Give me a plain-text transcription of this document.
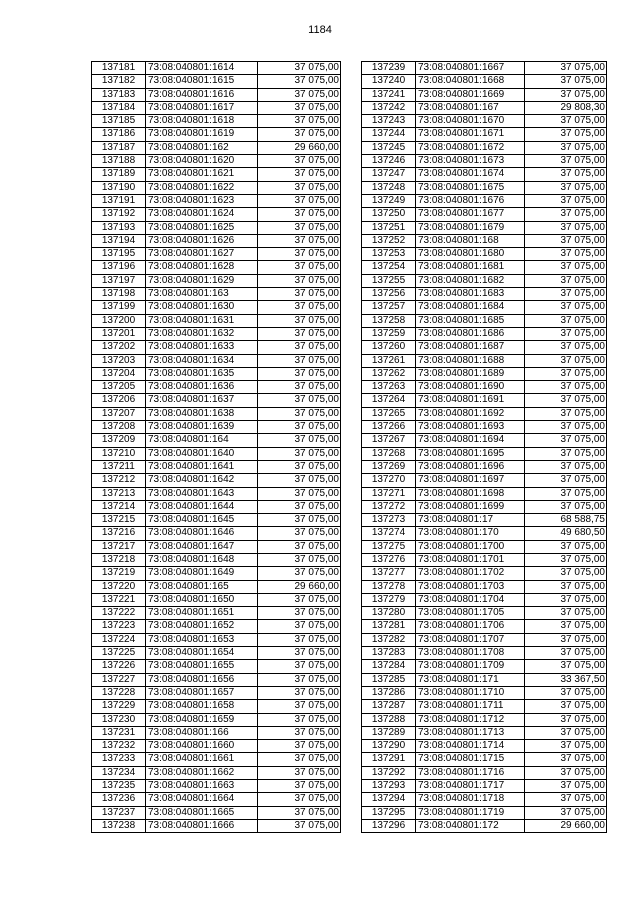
1184
137181	73:08:040801:1614	37 075,00
137182	73:08:040801:1615	37 075,00
137183	73:08:040801:1616	37 075,00
137184	73:08:040801:1617	37 075,00
137185	73:08:040801:1618	37 075,00
137186	73:08:040801:1619	37 075,00
137187	73:08:040801:162	29 660,00
137188	73:08:040801:1620	37 075,00
137189	73:08:040801:1621	37 075,00
137190	73:08:040801:1622	37 075,00
137191	73:08:040801:1623	37 075,00
137192	73:08:040801:1624	37 075,00
137193	73:08:040801:1625	37 075,00
137194	73:08:040801:1626	37 075,00
137195	73:08:040801:1627	37 075,00
137196	73:08:040801:1628	37 075,00
137197	73:08:040801:1629	37 075,00
137198	73:08:040801:163	37 075,00
137199	73:08:040801:1630	37 075,00
137200	73:08:040801:1631	37 075,00
137201	73:08:040801:1632	37 075,00
137202	73:08:040801:1633	37 075,00
137203	73:08:040801:1634	37 075,00
137204	73:08:040801:1635	37 075,00
137205	73:08:040801:1636	37 075,00
137206	73:08:040801:1637	37 075,00
137207	73:08:040801:1638	37 075,00
137208	73:08:040801:1639	37 075,00
137209	73:08:040801:164	37 075,00
137210	73:08:040801:1640	37 075,00
137211	73:08:040801:1641	37 075,00
137212	73:08:040801:1642	37 075,00
137213	73:08:040801:1643	37 075,00
137214	73:08:040801:1644	37 075,00
137215	73:08:040801:1645	37 075,00
137216	73:08:040801:1646	37 075,00
137217	73:08:040801:1647	37 075,00
137218	73:08:040801:1648	37 075,00
137219	73:08:040801:1649	37 075,00
137220	73:08:040801:165	29 660,00
137221	73:08:040801:1650	37 075,00
137222	73:08:040801:1651	37 075,00
137223	73:08:040801:1652	37 075,00
137224	73:08:040801:1653	37 075,00
137225	73:08:040801:1654	37 075,00
137226	73:08:040801:1655	37 075,00
137227	73:08:040801:1656	37 075,00
137228	73:08:040801:1657	37 075,00
137229	73:08:040801:1658	37 075,00
137230	73:08:040801:1659	37 075,00
137231	73:08:040801:166	37 075,00
137232	73:08:040801:1660	37 075,00
137233	73:08:040801:1661	37 075,00
137234	73:08:040801:1662	37 075,00
137235	73:08:040801:1663	37 075,00
137236	73:08:040801:1664	37 075,00
137237	73:08:040801:1665	37 075,00
137238	73:08:040801:1666	37 075,00
137239	73:08:040801:1667	37 075,00
137240	73:08:040801:1668	37 075,00
137241	73:08:040801:1669	37 075,00
137242	73:08:040801:167	29 808,30
137243	73:08:040801:1670	37 075,00
137244	73:08:040801:1671	37 075,00
137245	73:08:040801:1672	37 075,00
137246	73:08:040801:1673	37 075,00
137247	73:08:040801:1674	37 075,00
137248	73:08:040801:1675	37 075,00
137249	73:08:040801:1676	37 075,00
137250	73:08:040801:1677	37 075,00
137251	73:08:040801:1679	37 075,00
137252	73:08:040801:168	37 075,00
137253	73:08:040801:1680	37 075,00
137254	73:08:040801:1681	37 075,00
137255	73:08:040801:1682	37 075,00
137256	73:08:040801:1683	37 075,00
137257	73:08:040801:1684	37 075,00
137258	73:08:040801:1685	37 075,00
137259	73:08:040801:1686	37 075,00
137260	73:08:040801:1687	37 075,00
137261	73:08:040801:1688	37 075,00
137262	73:08:040801:1689	37 075,00
137263	73:08:040801:1690	37 075,00
137264	73:08:040801:1691	37 075,00
137265	73:08:040801:1692	37 075,00
137266	73:08:040801:1693	37 075,00
137267	73:08:040801:1694	37 075,00
137268	73:08:040801:1695	37 075,00
137269	73:08:040801:1696	37 075,00
137270	73:08:040801:1697	37 075,00
137271	73:08:040801:1698	37 075,00
137272	73:08:040801:1699	37 075,00
137273	73:08:040801:17	68 588,75
137274	73:08:040801:170	49 680,50
137275	73:08:040801:1700	37 075,00
137276	73:08:040801:1701	37 075,00
137277	73:08:040801:1702	37 075,00
137278	73:08:040801:1703	37 075,00
137279	73:08:040801:1704	37 075,00
137280	73:08:040801:1705	37 075,00
137281	73:08:040801:1706	37 075,00
137282	73:08:040801:1707	37 075,00
137283	73:08:040801:1708	37 075,00
137284	73:08:040801:1709	37 075,00
137285	73:08:040801:171	33 367,50
137286	73:08:040801:1710	37 075,00
137287	73:08:040801:1711	37 075,00
137288	73:08:040801:1712	37 075,00
137289	73:08:040801:1713	37 075,00
137290	73:08:040801:1714	37 075,00
137291	73:08:040801:1715	37 075,00
137292	73:08:040801:1716	37 075,00
137293	73:08:040801:1717	37 075,00
137294	73:08:040801:1718	37 075,00
137295	73:08:040801:1719	37 075,00
137296	73:08:040801:172	29 660,00
